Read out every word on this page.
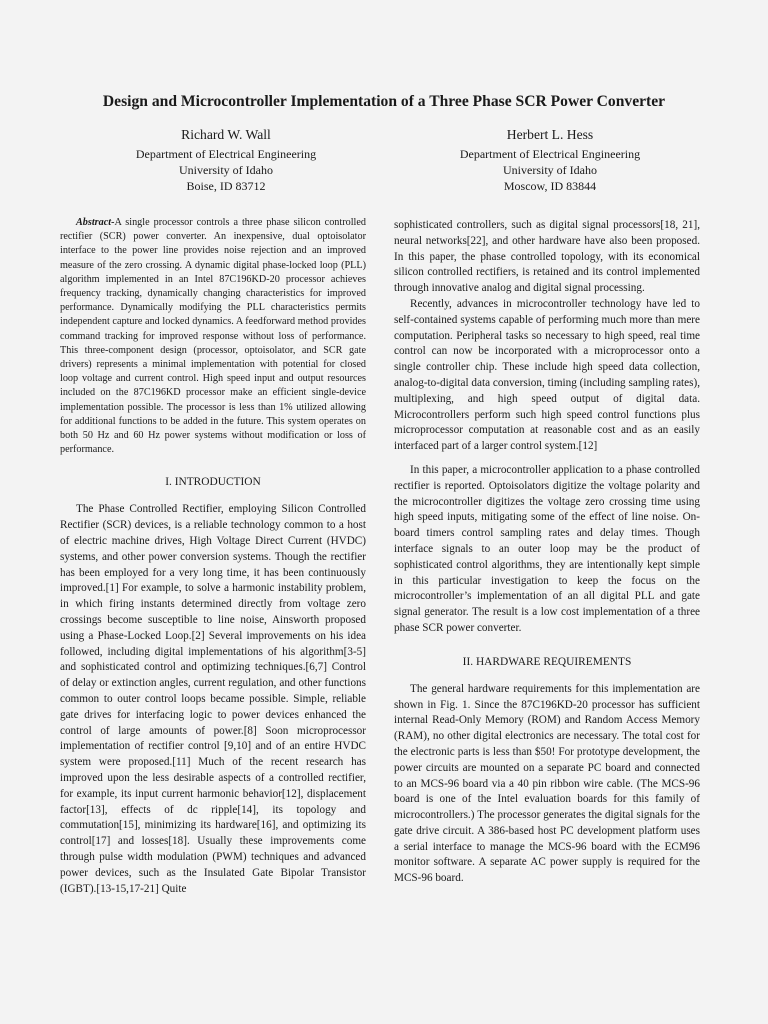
Design and Microcontroller Implementation of a Three Phase SCR Power Converter
Richard W. Wall
Department of Electrical Engineering
University of Idaho
Boise, ID 83712
Herbert L. Hess
Department of Electrical Engineering
University of Idaho
Moscow, ID 83844

Abstract-A single processor controls a three phase silicon controlled rectifier (SCR) power converter. An inexpensive, dual optoisolator interface to the power line provides noise rejection and an improved measure of the zero crossing. A dynamic digital phase-locked loop (PLL) algorithm implemented in an Intel 87C196KD-20 processor achieves frequency tracking, dynamically changing characteristics for improved performance. Dynamically modifying the PLL characteristics permits independent capture and locked dynamics. A feedforward method provides command tracking for improved response without loss of performance. This three-component design (processor, optoisolator, and SCR gate drivers) represents a minimal implementation with potential for closed loop voltage and current control. High speed input and output resources included on the 87C196KD processor make an efficient single-device implementation possible. The processor is less than 1% utilized allowing for additional functions to be added in the future. This system operates on both 50 Hz and 60 Hz power systems without modification or loss of performance.

I. INTRODUCTION

The Phase Controlled Rectifier, employing Silicon Controlled Rectifier (SCR) devices, is a reliable technology common to a host of electric machine drives, High Voltage Direct Current (HVDC) systems, and other power conversion systems. Though the rectifier has been employed for a very long time, it has been continuously improved.[1] For example, to solve a harmonic instability problem, in which firing instants determined directly from voltage zero crossings become susceptible to line noise, Ainsworth proposed using a Phase-Locked Loop.[2] Several improvements on his idea followed, including digital implementations of his algorithm[3-5] and sophisticated control and optimizing techniques.[6,7] Control of delay or extinction angles, current regulation, and other functions common to outer control loops became possible. Simple, reliable gate drives for interfacing logic to power devices enhanced the control of large amounts of power.[8] Soon microprocessor implementation of rectifier control [9,10] and of an entire HVDC system were proposed.[11] Much of the recent research has improved upon the less desirable aspects of a controlled rectifier, for example, its input current harmonic behavior[12], displacement factor[13], effects of dc ripple[14], its topology and commutation[15], minimizing its hardware[16], and optimizing its control[17] and losses[18]. Usually these improvements come through pulse width modulation (PWM) techniques and advanced power devices, such as the Insulated Gate Bipolar Transistor (IGBT).[13-15,17-21] Quite

sophisticated controllers, such as digital signal processors[18, 21], neural networks[22], and other hardware have also been proposed. In this paper, the phase controlled topology, with its economical silicon controlled rectifiers, is retained and its control implemented through innovative analog and digital signal processing.

Recently, advances in microcontroller technology have led to self-contained systems capable of performing much more than mere computation. Peripheral tasks so necessary to high speed, real time control can now be incorporated with a microprocessor onto a single controller chip. These include high speed data collection, analog-to-digital data conversion, timing (including sampling rates), multiplexing, and high speed output of digital data. Microcontrollers perform such high speed control functions plus microprocessor computation at reasonable cost and as an easily interfaced part of a larger control system.[12]

In this paper, a microcontroller application to a phase controlled rectifier is reported. Optoisolators digitize the voltage polarity and the microcontroller digitizes the voltage zero crossing time using high speed inputs, mitigating some of the effect of line noise. On-board timers control sampling rates and delay times. Though interface signals to an outer loop may be the product of sophisticated control algorithms, they are intentionally kept simple in this particular investigation to keep the focus on the microcontroller’s implementation of an all digital PLL and gate signal generator. The result is a low cost implementation of a three phase SCR power converter.

II. HARDWARE REQUIREMENTS

The general hardware requirements for this implementation are shown in Fig. 1. Since the 87C196KD-20 processor has sufficient internal Read-Only Memory (ROM) and Random Access Memory (RAM), no other digital electronics are necessary. The total cost for the electronic parts is less than $50! For prototype development, the power circuits are mounted on a separate PC board and connected to an MCS-96 board via a 40 pin ribbon wire cable. (The MCS-96 board is one of the Intel evaluation boards for this family of microcontrollers.) The processor generates the digital signals for the gate drive circuit. A 386-based host PC development platform uses a serial interface to manage the MCS-96 board with the ECM96 monitor software. A separate AC power supply is required for the MCS-96 board.
